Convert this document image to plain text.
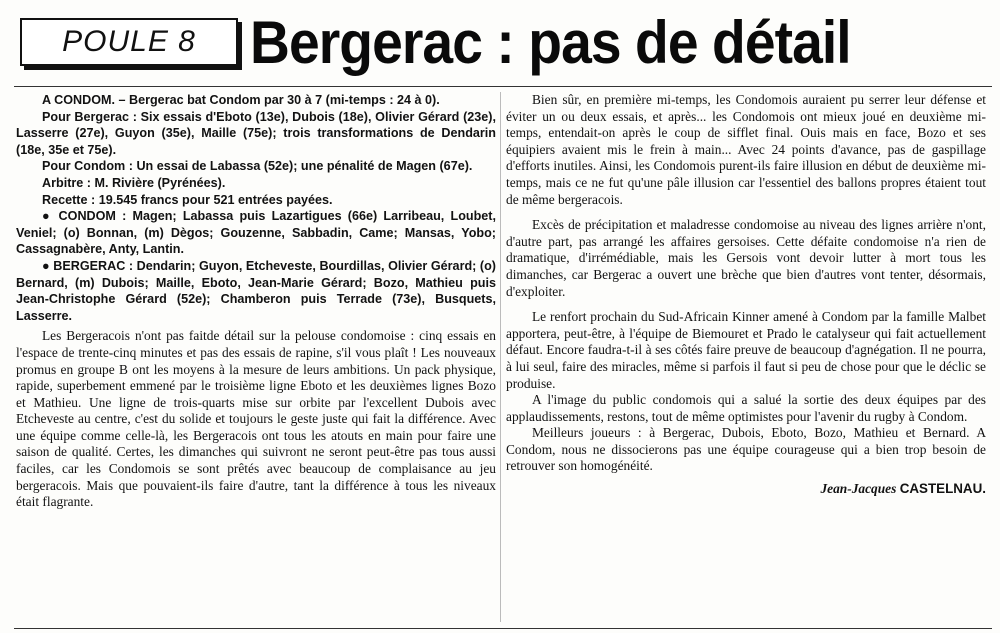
POULE 8 Bergerac : pas de détail

A CONDOM. – Bergerac bat Condom par 30 à 7 (mi-temps : 24 à 0).

Pour Bergerac : Six essais d'Eboto (13e), Dubois (18e), Olivier Gérard (23e), Lasserre (27e), Guyon (35e), Maille (75e); trois transformations de Dendarin (18e, 35e et 75e).

Pour Condom : Un essai de Labassa (52e); une pénalité de Magen (67e).

Arbitre : M. Rivière (Pyrénées).

Recette : 19.545 francs pour 521 entrées payées.

● CONDOM : Magen; Labassa puis Lazartigues (66e) Larribeau, Loubet, Veniel; (o) Bonnan, (m) Dègos; Gouzenne, Sabbadin, Came; Mansas, Yobo; Cassagnabère, Anty, Lantin.

● BERGERAC : Dendarin; Guyon, Etcheveste, Bourdillas, Olivier Gérard; (o) Bernard, (m) Dubois; Maille, Eboto, Jean-Marie Gérard; Bozo, Mathieu puis Jean-Christophe Gérard (52e); Chamberon puis Terrade (73e), Busquets, Lasserre.

Les Bergeracois n'ont pas faitde détail sur la pelouse condomoise : cinq essais en l'espace de trente-cinq minutes et pas des essais de rapine, s'il vous plaît ! Les nouveaux promus en groupe B ont les moyens à la mesure de leurs ambitions. Un pack physique, rapide, superbement emmené par le troisième ligne Eboto et les deuxièmes lignes Bozo et Mathieu. Une ligne de trois-quarts mise sur orbite par l'excellent Dubois avec Etcheveste au centre, c'est du solide et toujours le geste juste qui fait la différence. Avec une équipe comme celle-là, les Bergeracois ont tous les atouts en main pour faire une saison de qualité. Certes, les dimanches qui suivront ne seront peut-être pas tous aussi faciles, car les Condomois se sont prêtés avec beaucoup de complaisance au jeu bergeracois. Mais que pouvaient-ils faire d'autre, tant la différence à tous les niveaux était flagrante.

Bien sûr, en première mi-temps, les Condomois auraient pu serrer leur défense et éviter un ou deux essais, et après... les Condomois ont mieux joué en deuxième mi-temps, entendait-on après le coup de sifflet final. Ouis mais en face, Bozo et ses équipiers avaient mis le frein à main... Avec 24 points d'avance, pas de gaspillage d'efforts inutiles. Ainsi, les Condomois purent-ils faire illusion en début de deuxième mi-temps, mais ce ne fut qu'une pâle illusion car l'essentiel des ballons propres étaient tout de même bergeracois.

Excès de précipitation et maladresse condomoise au niveau des lignes arrière n'ont, d'autre part, pas arrangé les affaires gersoises. Cette défaite condomoise n'a rien de dramatique, d'irrémédiable, mais les Gersois vont devoir lutter à mort tous les dimanches, car Bergerac a ouvert une brèche que bien d'autres vont tenter, désormais, d'exploiter.

Le renfort prochain du Sud-Africain Kinner amené à Condom par la famille Malbet apportera, peut-être, à l'équipe de Biemouret et Prado le catalyseur qui fait actuellement défaut. Encore faudra-t-il à ses côtés faire preuve de beaucoup d'agnégation. Il ne pourra, à lui seul, faire des miracles, même si parfois il faut si peu de chose pour que le déclic se produise.

A l'image du public condomois qui a salué la sortie des deux équipes par des applaudissements, restons, tout de même optimistes pour l'avenir du rugby à Condom.

Meilleurs joueurs : à Bergerac, Dubois, Eboto, Bozo, Mathieu et Bernard. A Condom, nous ne dissocierons pas une équipe courageuse qui a bien trop besoin de retrouver son homogénéité.

Jean-Jacques CASTELNAU.
